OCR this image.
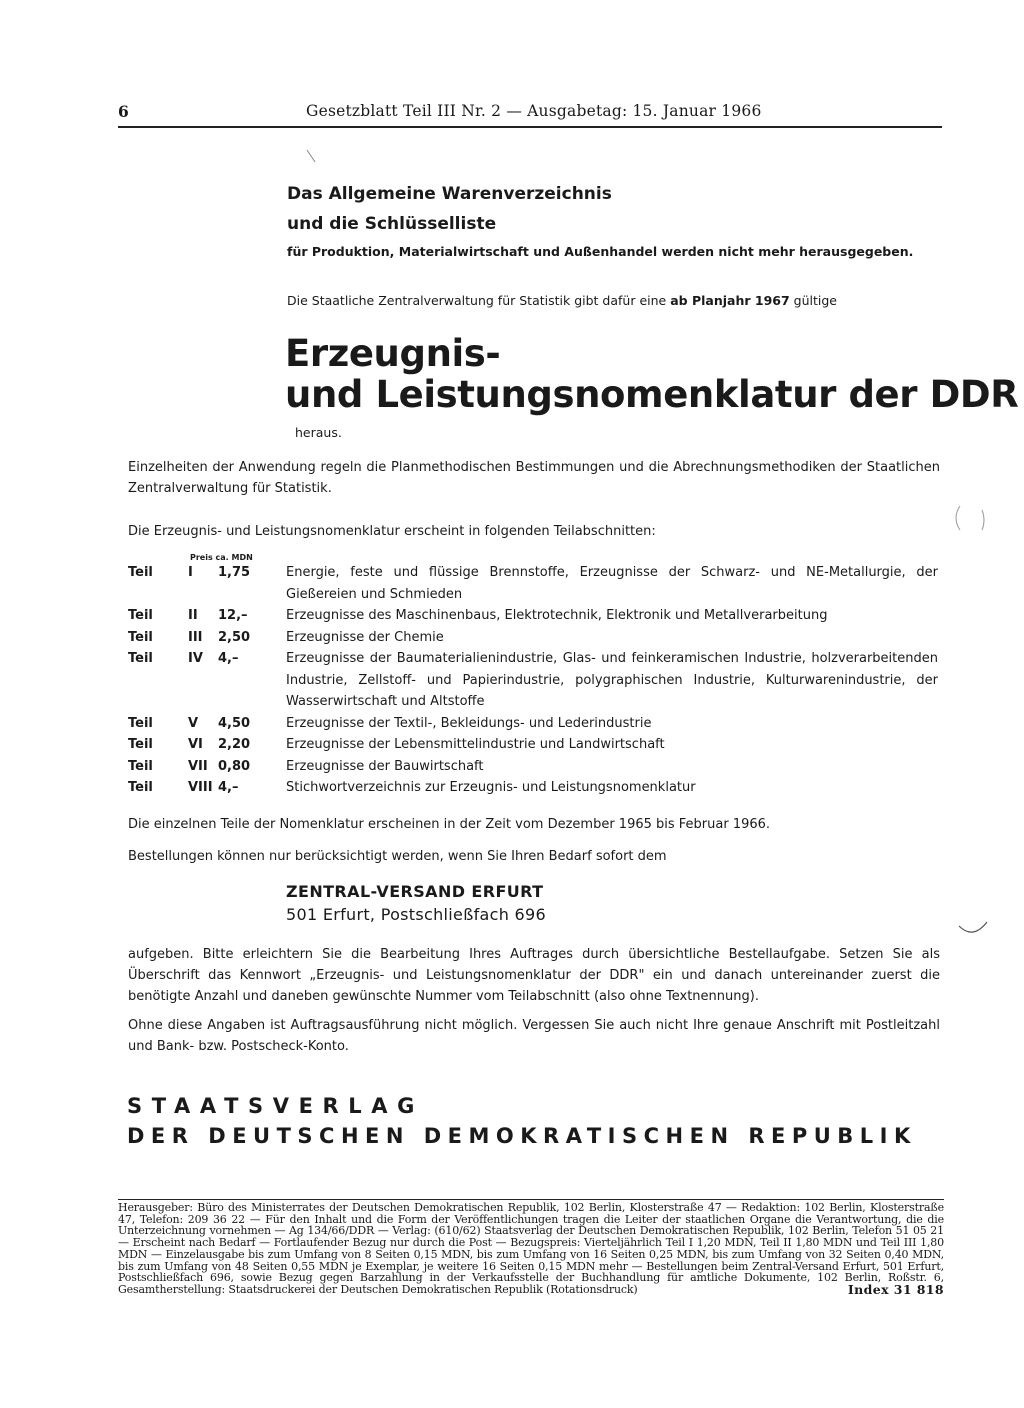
6	Gesetzblatt Teil III Nr. 2 — Ausgabetag: 15. Januar 1966
Das Allgemeine Warenverzeichnis
und die Schlüsselliste
für Produktion, Materialwirtschaft und Außenhandel werden nicht mehr herausgegeben.
Die Staatliche Zentralverwaltung für Statistik gibt dafür eine ab Planjahr 1967 gültige
Erzeugnis-
und Leistungsnomenklatur der DDR
heraus.
Einzelheiten der Anwendung regeln die Planmethodischen Bestimmungen und die Abrechnungsmethodiken der Staatlichen Zentralverwaltung für Statistik.
Die Erzeugnis- und Leistungsnomenklatur erscheint in folgenden Teilabschnitten:
Preis ca. MDN
Teil	I	1,75	Energie, feste und flüssige Brennstoffe, Erzeugnisse der Schwarz- und NE-Metallurgie, der Gießereien und Schmieden
Teil	II	12,–	Erzeugnisse des Maschinenbaus, Elektrotechnik, Elektronik und Metallverarbeitung
Teil	III	2,50	Erzeugnisse der Chemie
Teil	IV	4,–	Erzeugnisse der Baumaterialienindustrie, Glas- und feinkeramischen Industrie, holzverarbeitenden Industrie, Zellstoff- und Papierindustrie, polygraphischen Industrie, Kulturwarenindustrie, der Wasserwirtschaft und Altstoffe
Teil	V	4,50	Erzeugnisse der Textil-, Bekleidungs- und Lederindustrie
Teil	VI	2,20	Erzeugnisse der Lebensmittelindustrie und Landwirtschaft
Teil	VII 0,80	Erzeugnisse der Bauwirtschaft
Teil	VIII 4,–	Stichwortverzeichnis zur Erzeugnis- und Leistungsnomenklatur
Die einzelnen Teile der Nomenklatur erscheinen in der Zeit vom Dezember 1965 bis Februar 1966.
Bestellungen können nur berücksichtigt werden, wenn Sie Ihren Bedarf sofort dem
ZENTRAL-VERSAND ERFURT
501 Erfurt, Postschließfach 696
aufgeben. Bitte erleichtern Sie die Bearbeitung Ihres Auftrages durch übersichtliche Bestellaufgabe. Setzen Sie als Überschrift das Kennwort „Erzeugnis- und Leistungsnomenklatur der DDR" ein und danach untereinander zuerst die benötigte Anzahl und daneben gewünschte Nummer vom Teilabschnitt (also ohne Textnennung).
Ohne diese Angaben ist Auftragsausführung nicht möglich. Vergessen Sie auch nicht Ihre genaue Anschrift mit Postleitzahl und Bank- bzw. Postscheck-Konto.
STAATSVERLAG
DER DEUTSCHEN DEMOKRATISCHEN REPUBLIK
Herausgeber: Büro des Ministerrates der Deutschen Demokratischen Republik, 102 Berlin, Klosterstraße 47 — Redaktion: 102 Berlin, Klosterstraße 47, Telefon: 209 36 22 — Für den Inhalt und die Form der Veröffentlichungen tragen die Leiter der staatlichen Organe die Verantwortung, die die Unterzeichnung vornehmen — Ag 134/66/DDR — Verlag: (610/62) Staatsverlag der Deutschen Demokratischen Republik, 102 Berlin, Telefon 51 05 21 — Erscheint nach Bedarf — Fortlaufender Bezug nur durch die Post — Bezugspreis: Vierteljährlich Teil I 1,20 MDN, Teil II 1,80 MDN und Teil III 1,80 MDN — Einzelausgabe bis zum Umfang von 8 Seiten 0,15 MDN, bis zum Umfang von 16 Seiten 0,25 MDN, bis zum Umfang von 32 Seiten 0,40 MDN, bis zum Umfang von 48 Seiten 0,55 MDN je Exemplar, je weitere 16 Seiten 0,15 MDN mehr — Bestellungen beim Zentral-Versand Erfurt, 501 Erfurt, Postschließfach 696, sowie Bezug gegen Barzahlung in der Verkaufsstelle der Buchhandlung für amtliche Dokumente, 102 Berlin, Roßstr. 6, Gesamtherstellung: Staatsdruckerei der Deutschen Demokratischen Republik (Rotationsdruck)	Index 31 818
